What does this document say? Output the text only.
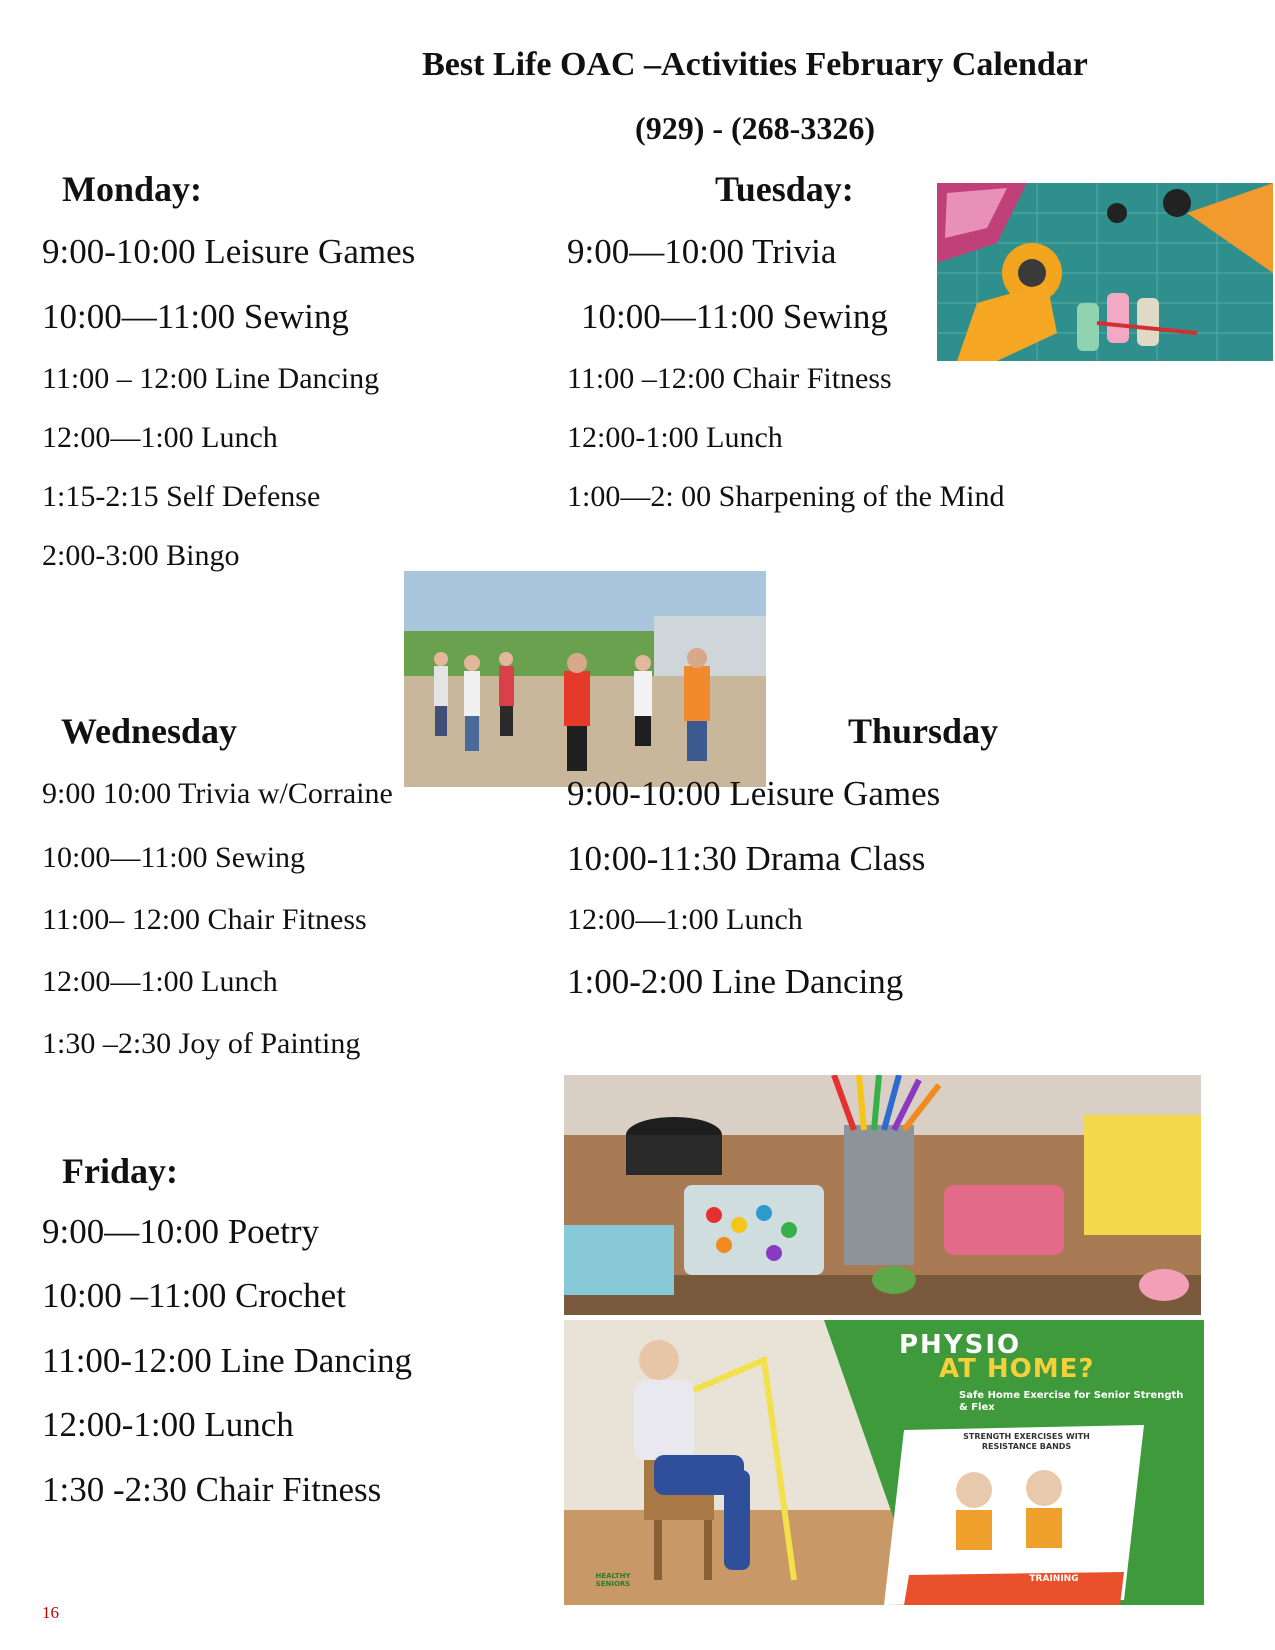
Best Life OAC –Activities February Calendar
(929) - (268-3326)
Monday:
9:00-10:00 Leisure Games
10:00—11:00 Sewing
11:00 – 12:00 Line Dancing
12:00—1:00 Lunch
1:15-2:15 Self Defense
2:00-3:00 Bingo
Tuesday:
9:00—10:00 Trivia
10:00—11:00 Sewing
11:00 –12:00 Chair Fitness
12:00-1:00 Lunch
1:00—2: 00 Sharpening of the Mind
Wednesday
9:00 10:00 Trivia w/Corraine
10:00—11:00 Sewing
11:00– 12:00 Chair Fitness
12:00—1:00 Lunch
1:30 –2:30 Joy of Painting
Thursday
9:00-10:00 Leisure Games
10:00-11:30 Drama Class
12:00—1:00 Lunch
1:00-2:00 Line Dancing
PHYSIO
AT HOME?
Safe Home Exercise for Senior Strength & Flex
STRENGTH EXERCISES WITH RESISTANCE BANDS
CHAIR-BASED SENIOR TRAINING
HEALTHY SENIORS
Friday:
9:00—10:00 Poetry
10:00 –11:00 Crochet
11:00-12:00 Line Dancing
12:00-1:00 Lunch
1:30 -2:30 Chair Fitness
16
